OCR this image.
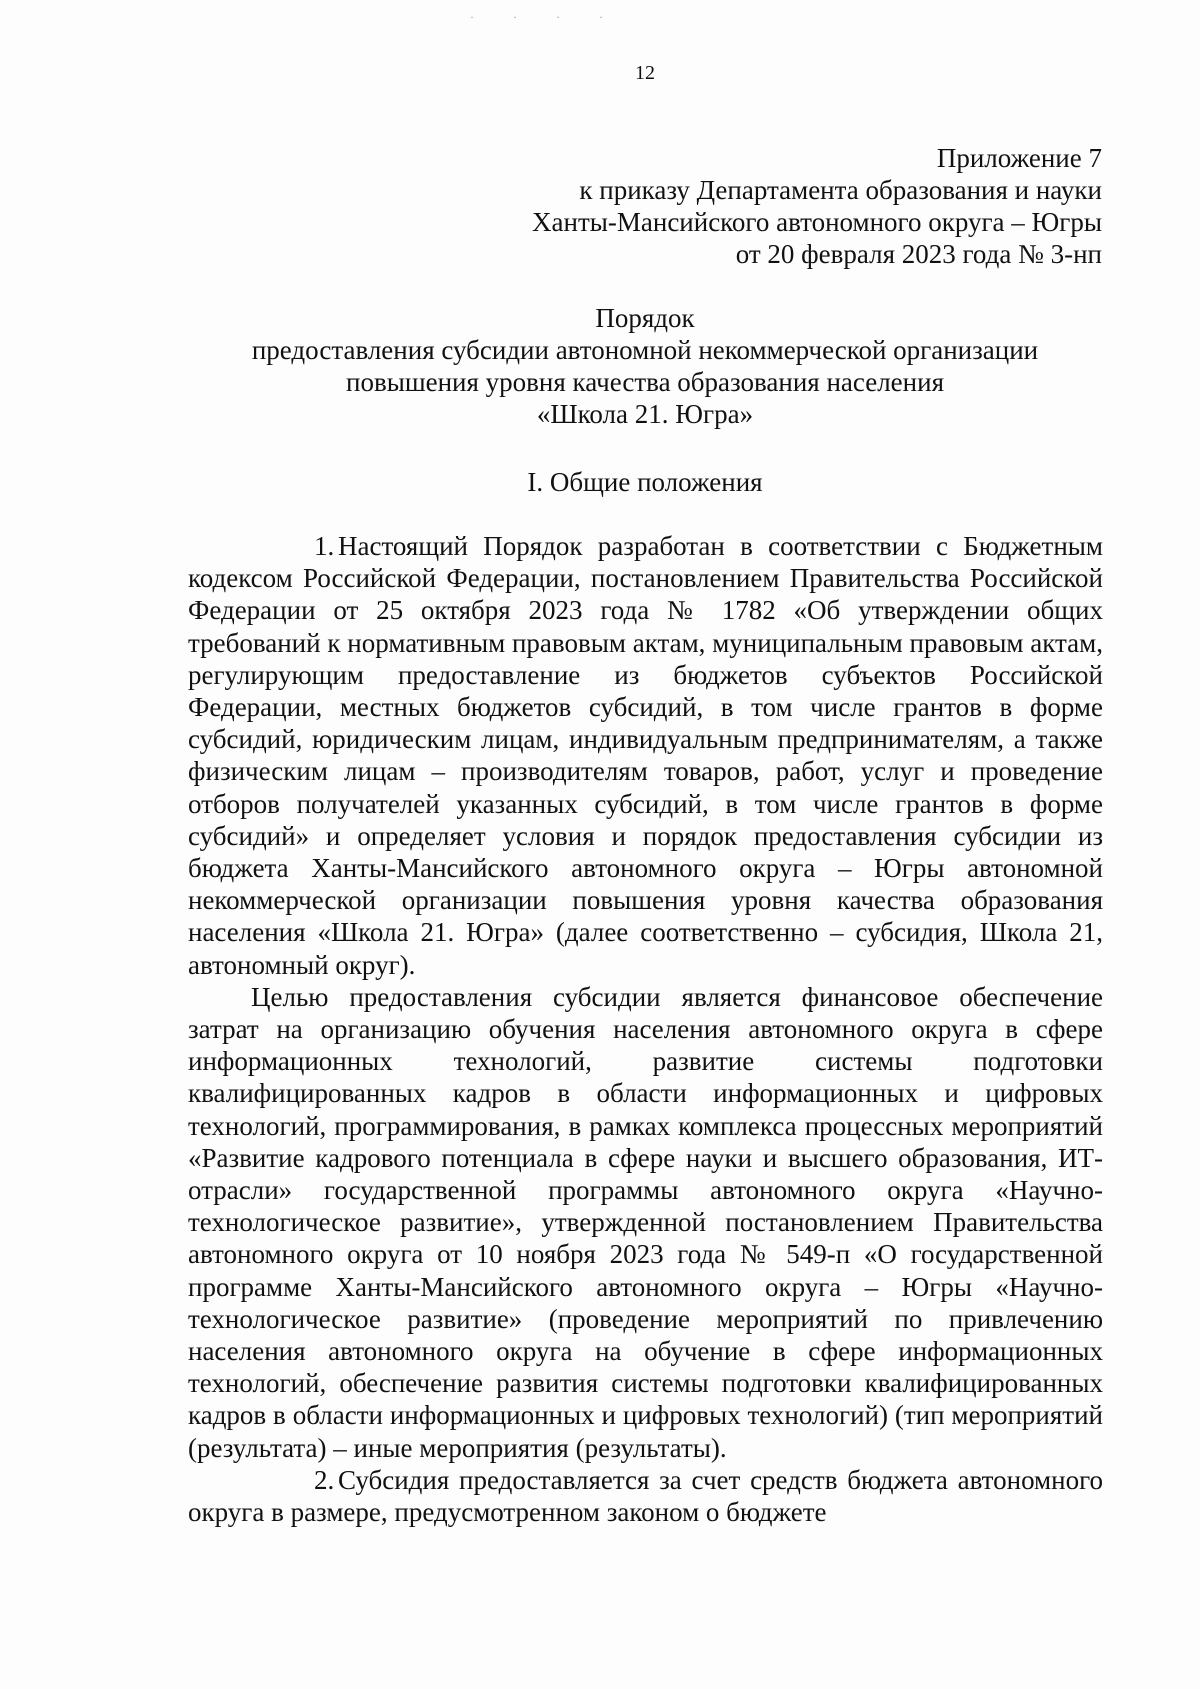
· · · ·
12
Приложение 7
к приказу Департамента образования и науки
Ханты-Мансийского автономного округа – Югры
от 20 февраля 2023 года № 3-нп
Порядок
предоставления субсидии автономной некоммерческой организации
повышения уровня качества образования населения
«Школа 21. Югра»
I. Общие положения

1. Настоящий Порядок разработан в соответствии с Бюджетным кодексом Российской Федерации, постановлением Правительства Российской Федерации от 25 октября 2023 года № 1782 «Об утверждении общих требований к нормативным правовым актам, муниципальным правовым актам, регулирующим предоставление из бюджетов субъектов Российской Федерации, местных бюджетов субсидий, в том числе грантов в форме субсидий, юридическим лицам, индивидуальным предпринимателям, а также физическим лицам – производителям товаров, работ, услуг и проведение отборов получателей указанных субсидий, в том числе грантов в форме субсидий» и определяет условия и порядок предоставления субсидии из бюджета Ханты-Мансийского автономного округа – Югры автономной некоммерческой организации повышения уровня качества образования населения «Школа 21. Югра» (далее соответственно – субсидия, Школа 21, автономный округ).

Целью предоставления субсидии является финансовое обеспечение затрат на организацию обучения населения автономного округа в сфере информационных технологий, развитие системы подготовки квалифицированных кадров в области информационных и цифровых технологий, программирования, в рамках комплекса процессных мероприятий «Развитие кадрового потенциала в сфере науки и высшего образования, ИТ-отрасли» государственной программы автономного округа «Научно-технологическое развитие», утвержденной постановлением Правительства автономного округа от 10 ноября 2023 года № 549-п «О государственной программе Ханты-Мансийского автономного округа – Югры «Научно-технологическое развитие» (проведение мероприятий по привлечению населения автономного округа на обучение в сфере информационных технологий, обеспечение развития системы подготовки квалифицированных кадров в области информационных и цифровых технологий) (тип мероприятий (результата) – иные мероприятия (результаты).

2. Субсидия предоставляется за счет средств бюджета автономного округа в размере, предусмотренном законом о бюджете
